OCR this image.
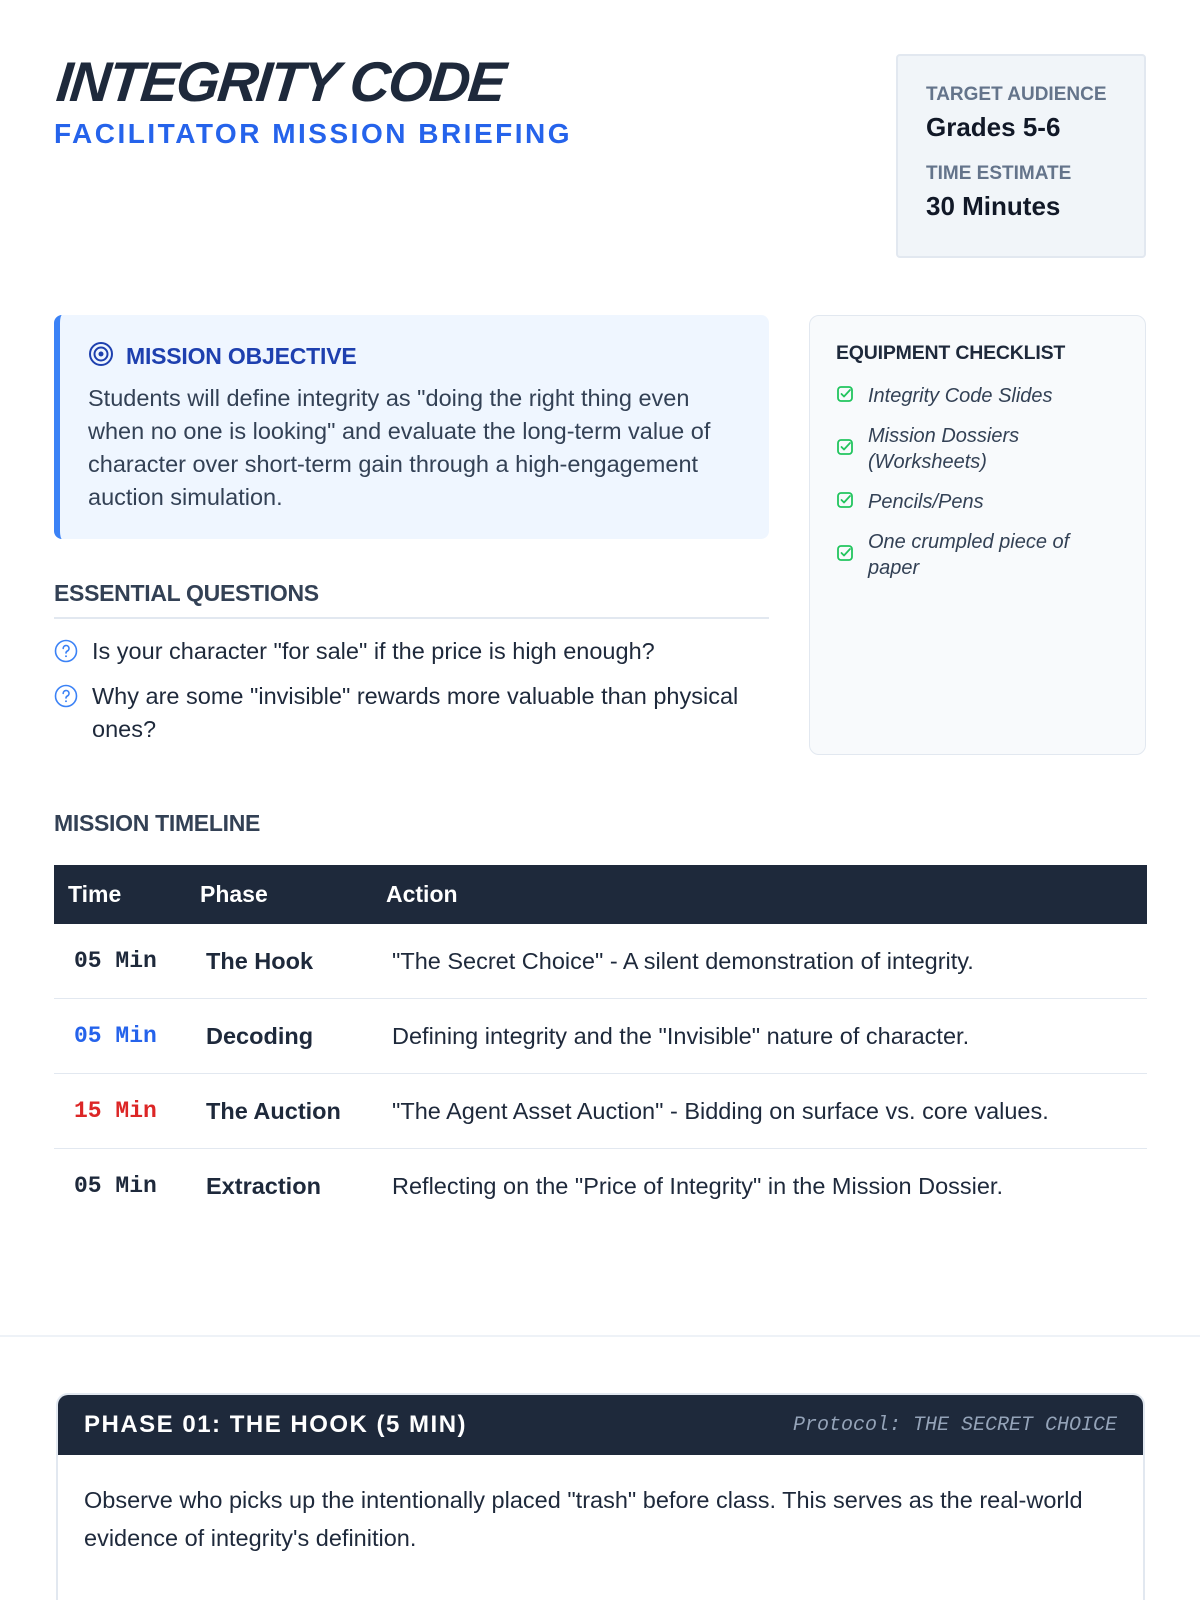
INTEGRITY CODE
FACILITATOR MISSION BRIEFING
TARGET AUDIENCE
Grades 5-6
TIME ESTIMATE
30 Minutes
MISSION OBJECTIVE
Students will define integrity as "doing the right thing even when no one is looking" and evaluate the long-term value of character over short-term gain through a high-engagement auction simulation.
EQUIPMENT CHECKLIST
Integrity Code Slides
Mission Dossiers (Worksheets)
Pencils/Pens
One crumpled piece of paper
ESSENTIAL QUESTIONS
Is your character "for sale" if the price is high enough?
Why are some "invisible" rewards more valuable than physical ones?
MISSION TIMELINE
Time	Phase	Action
05 Min	The Hook	"The Secret Choice" - A silent demonstration of integrity.
05 Min	Decoding	Defining integrity and the "Invisible" nature of character.
15 Min	The Auction	"The Agent Asset Auction" - Bidding on surface vs. core values.
05 Min	Extraction	Reflecting on the "Price of Integrity" in the Mission Dossier.
PHASE 01: THE HOOK (5 MIN)	Protocol: THE SECRET CHOICE
Observe who picks up the intentionally placed "trash" before class. This serves as the real-world evidence of integrity's definition.
